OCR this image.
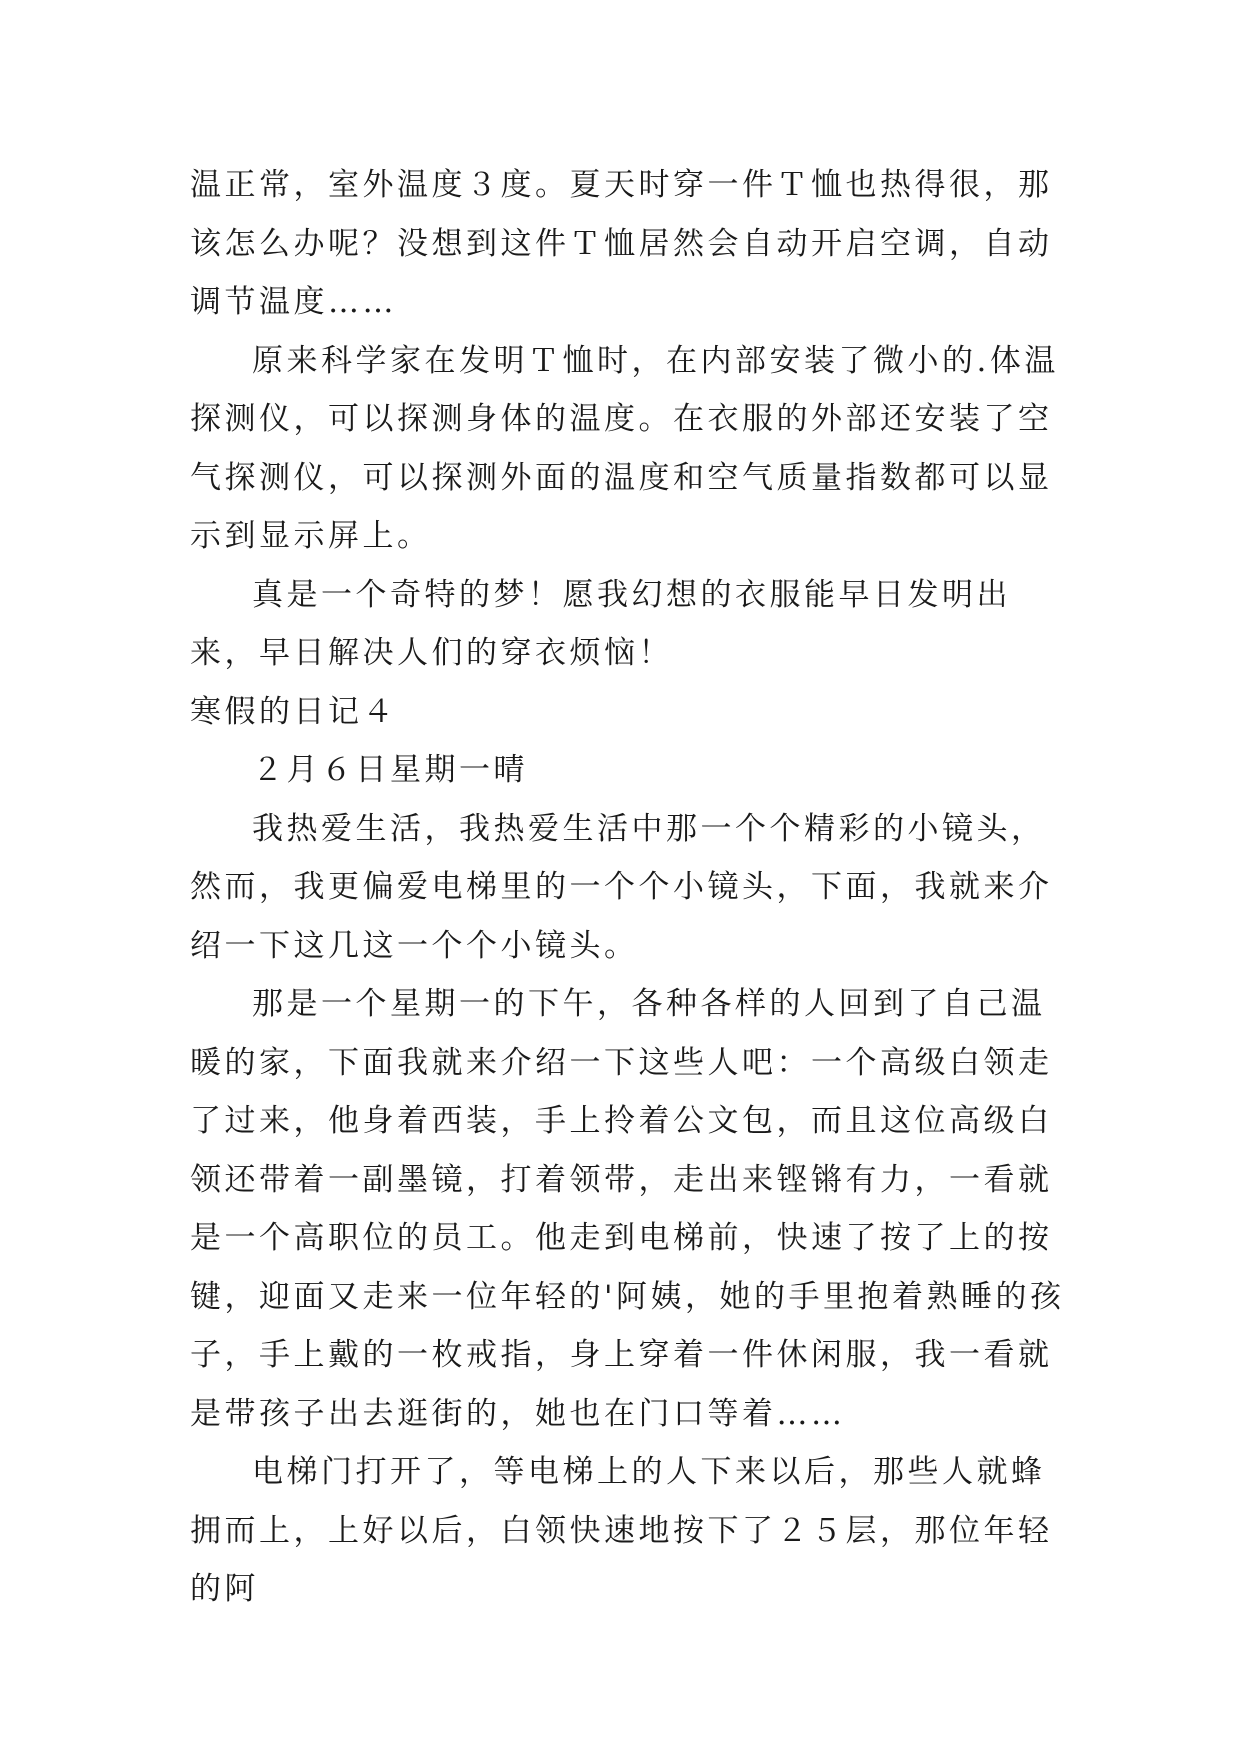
温正常，室外温度３度。夏天时穿一件Ｔ恤也热得很，那该怎么办呢？没想到这件Ｔ恤居然会自动开启空调，自动调节温度……

原来科学家在发明Ｔ恤时，在内部安装了微小的.体温探测仪，可以探测身体的温度。在衣服的外部还安装了空气探测仪，可以探测外面的温度和空气质量指数都可以显示到显示屏上。

真是一个奇特的梦！愿我幻想的衣服能早日发明出来，早日解决人们的穿衣烦恼！

寒假的日记４

２月６日星期一晴

我热爱生活，我热爱生活中那一个个精彩的小镜头，然而，我更偏爱电梯里的一个个小镜头，下面，我就来介绍一下这几这一个个小镜头。

那是一个星期一的下午，各种各样的人回到了自己温暖的家，下面我就来介绍一下这些人吧：一个高级白领走了过来，他身着西装，手上拎着公文包，而且这位高级白领还带着一副墨镜，打着领带，走出来铿锵有力，一看就是一个高职位的员工。他走到电梯前，快速了按了上的按键，迎面又走来一位年轻的'阿姨，她的手里抱着熟睡的孩子，手上戴的一枚戒指，身上穿着一件休闲服，我一看就是带孩子出去逛街的，她也在门口等着……

电梯门打开了，等电梯上的人下来以后，那些人就蜂拥而上，上好以后，白领快速地按下了２５层，那位年轻的阿
